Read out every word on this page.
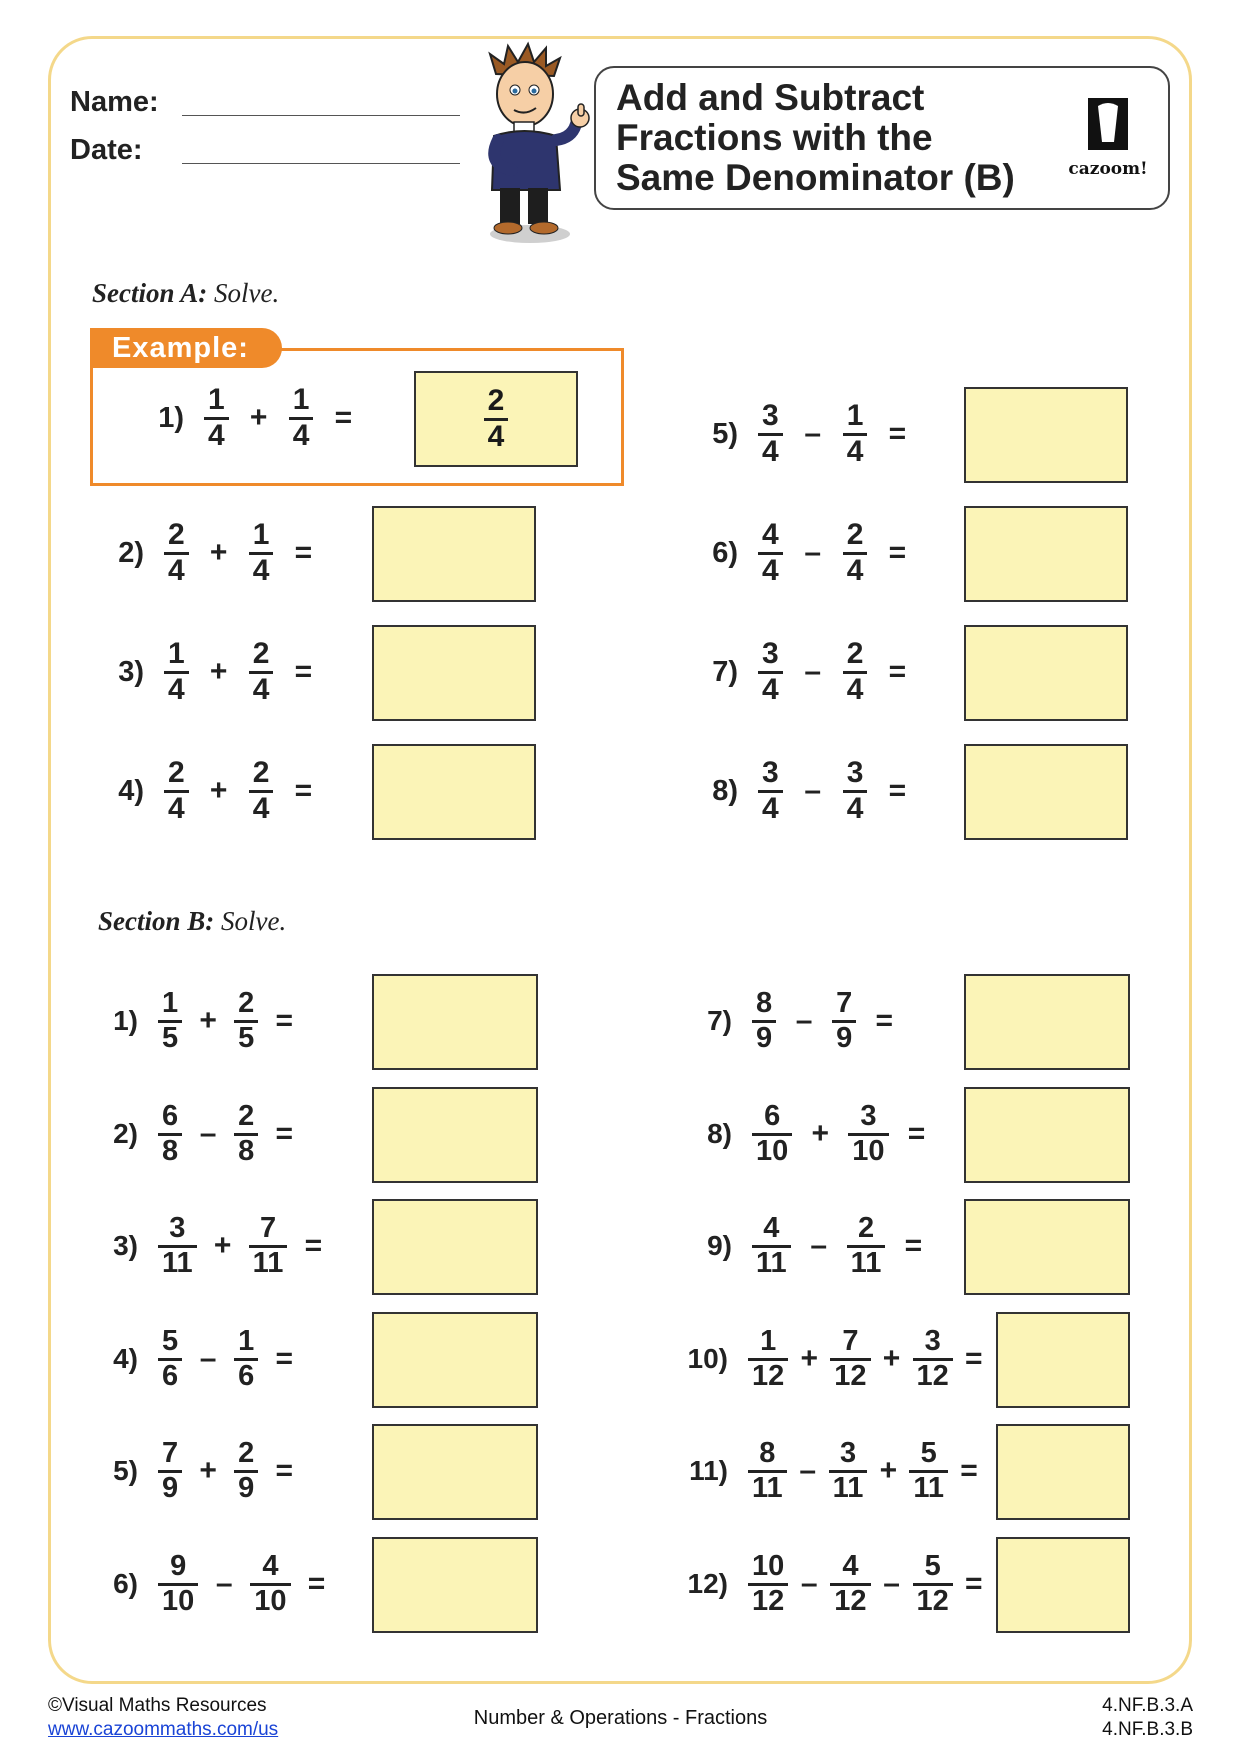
Name:
Date:
Add and Subtract
Fractions with the
Same Denominator (B)	cazoom!
Section A: Solve.
Example:
Section B: Solve.
$1) \frac{1}{4} + \frac{1}{4}$ =	$\frac{2}{4}$
$2) \frac{2}{4} + \frac{1}{4}$ =
$3) \frac{1}{4} + \frac{2}{4}$ =
$4) \frac{2}{4} + \frac{2}{4}$ =
$5) \frac{3}{4} - \frac{1}{4}$ =
$6) \frac{4}{4} - \frac{2}{4}$ =
$7) \frac{3}{4} - \frac{2}{4}$ =
$8) \frac{3}{4} - \frac{3}{4}$ =
$1) \frac{1}{5} + \frac{2}{5}$ =
$2) \frac{6}{8} - \frac{2}{8}$ =
$3) \frac{3}{11} + \frac{7}{11}$ =
$4) \frac{5}{6} - \frac{1}{6}$ =
$5) \frac{7}{9} + \frac{2}{9}$ =
$6) \frac{9}{10} - \frac{4}{10}$ =
$7) \frac{8}{9} - \frac{7}{9}$ =
$8) \frac{6}{10} + \frac{3}{10}$ =
$9) \frac{4}{11} - \frac{2}{11}$ =
$10) \frac{1}{12} + \frac{7}{12} + \frac{3}{12}$ =
$11) \frac{8}{11} - \frac{3}{11} + \frac{5}{11}$ =
$12) \frac{10}{12} - \frac{4}{12} - \frac{5}{12}$ =
©Visual Maths Resources
www.cazoommaths.com/us
Number & Operations - Fractions
4.NF.B.3.A
4.NF.B.3.B
